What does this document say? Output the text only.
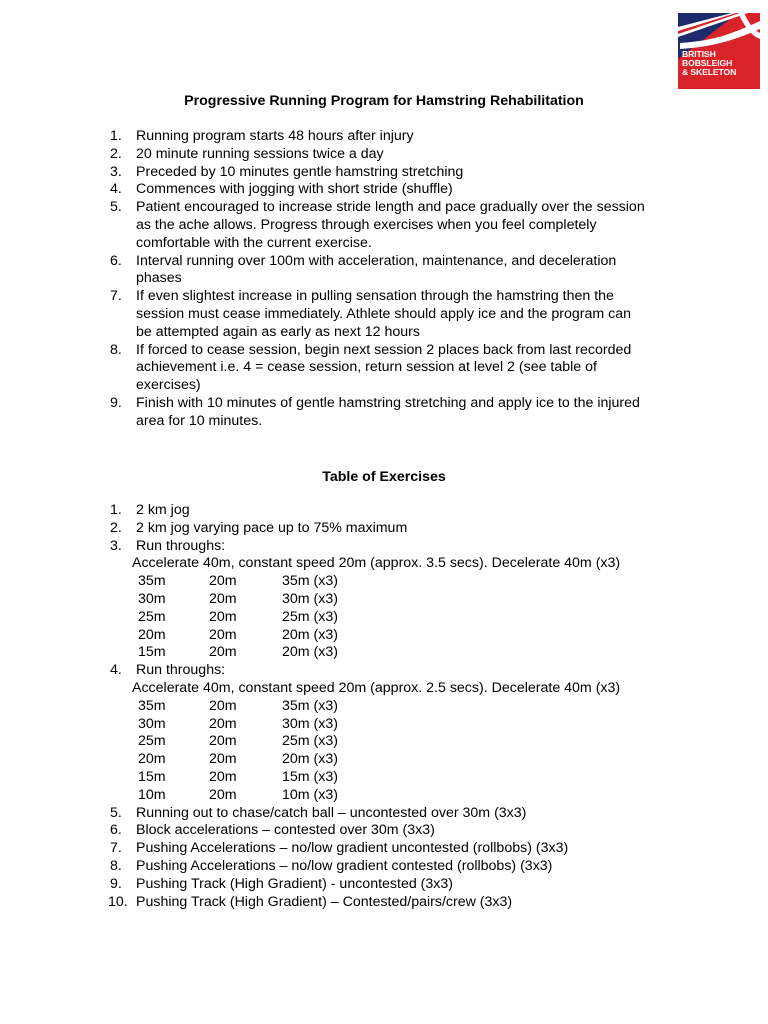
BRITISH
BOBSLEIGH
& SKELETON
Progressive Running Program for Hamstring Rehabilitation
1. Running program starts 48 hours after injury
2. 20 minute running sessions twice a day
3. Preceded by 10 minutes gentle hamstring stretching
4. Commences with jogging with short stride (shuffle)
5. Patient encouraged to increase stride length and pace gradually over the session
as the ache allows. Progress through exercises when you feel completely
comfortable with the current exercise.
6. Interval running over 100m with acceleration, maintenance, and deceleration
phases
7. If even slightest increase in pulling sensation through the hamstring then the
session must cease immediately. Athlete should apply ice and the program can
be attempted again as early as next 12 hours
8. If forced to cease session, begin next session 2 places back from last recorded
achievement i.e. 4 = cease session, return session at level 2 (see table of
exercises)
9. Finish with 10 minutes of gentle hamstring stretching and apply ice to the injured
area for 10 minutes.
Table of Exercises
1. 2 km jog
2. 2 km jog varying pace up to 75% maximum
3. Run throughs:
Accelerate 40m, constant speed 20m (approx. 3.5 secs). Decelerate 40m (x3)
35m	20m	35m (x3)
30m	20m	30m (x3)
25m	20m	25m (x3)
20m	20m	20m (x3)
15m	20m	20m (x3)
4. Run throughs:
Accelerate 40m, constant speed 20m (approx. 2.5 secs). Decelerate 40m (x3)
35m	20m	35m (x3)
30m	20m	30m (x3)
25m	20m	25m (x3)
20m	20m	20m (x3)
15m	20m	15m (x3)
10m	20m	10m (x3)
5. Running out to chase/catch ball – uncontested over 30m (3x3)
6. Block accelerations – contested over 30m (3x3)
7. Pushing Accelerations – no/low gradient uncontested (rollbobs) (3x3)
8. Pushing Accelerations – no/low gradient contested (rollbobs) (3x3)
9. Pushing Track (High Gradient) - uncontested (3x3)
10. Pushing Track (High Gradient) – Contested/pairs/crew (3x3)
